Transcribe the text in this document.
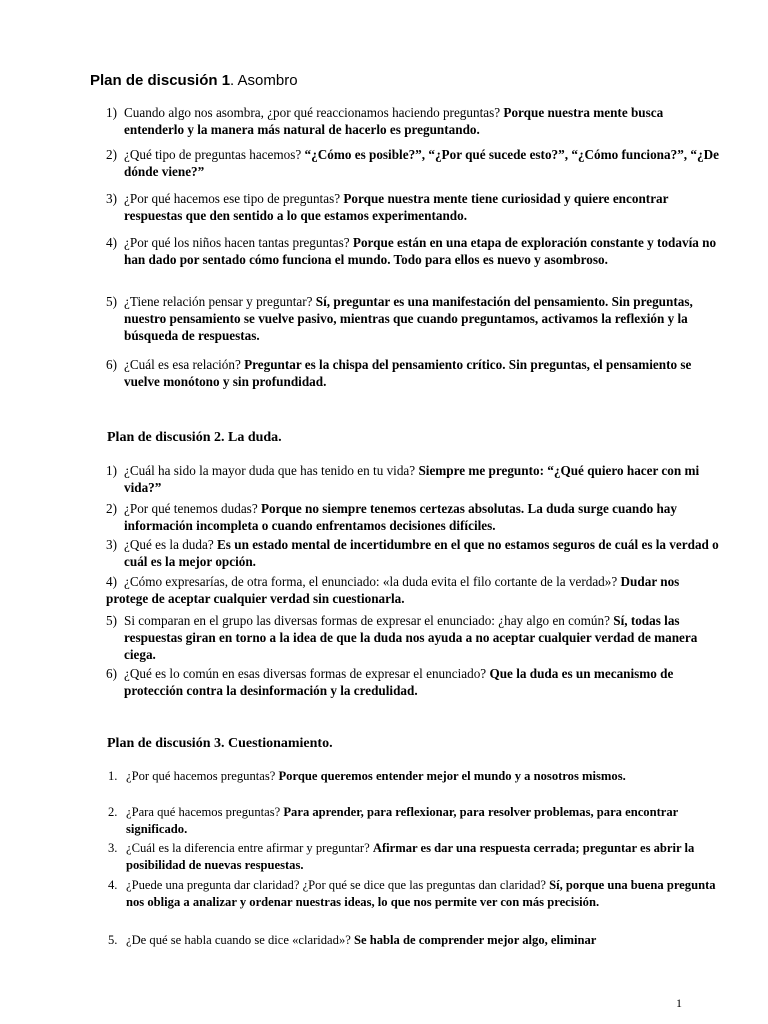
Plan de discusión 1. Asombro
1) Cuando algo nos asombra, ¿por qué reaccionamos haciendo preguntas? Porque nuestra mente busca entenderlo y la manera más natural de hacerlo es preguntando.
2) ¿Qué tipo de preguntas hacemos? “¿Cómo es posible?”, “¿Por qué sucede esto?”, “¿Cómo funciona?”, “¿De dónde viene?”
3) ¿Por qué hacemos ese tipo de preguntas? Porque nuestra mente tiene curiosidad y quiere encontrar respuestas que den sentido a lo que estamos experimentando.
4) ¿Por qué los niños hacen tantas preguntas? Porque están en una etapa de exploración constante y todavía no han dado por sentado cómo funciona el mundo. Todo para ellos es nuevo y asombroso.
5) ¿Tiene relación pensar y preguntar? Sí, preguntar es una manifestación del pensamiento. Sin preguntas, nuestro pensamiento se vuelve pasivo, mientras que cuando preguntamos, activamos la reflexión y la búsqueda de respuestas.
6) ¿Cuál es esa relación? Preguntar es la chispa del pensamiento crítico. Sin preguntas, el pensamiento se vuelve monótono y sin profundidad.
Plan de discusión 2. La duda.
1) ¿Cuál ha sido la mayor duda que has tenido en tu vida? Siempre me pregunto: “¿Qué quiero hacer con mi vida?”
2) ¿Por qué tenemos dudas? Porque no siempre tenemos certezas absolutas. La duda surge cuando hay información incompleta o cuando enfrentamos decisiones difíciles.
3) ¿Qué es la duda? Es un estado mental de incertidumbre en el que no estamos seguros de cuál es la verdad o cuál es la mejor opción.
4) ¿Cómo expresarías, de otra forma, el enunciado: «la duda evita el filo cortante de la verdad»? Dudar nos protege de aceptar cualquier verdad sin cuestionarla.
5) Si comparan en el grupo las diversas formas de expresar el enunciado: ¿hay algo en común? Sí, todas las respuestas giran en torno a la idea de que la duda nos ayuda a no aceptar cualquier verdad de manera ciega.
6) ¿Qué es lo común en esas diversas formas de expresar el enunciado? Que la duda es un mecanismo de protección contra la desinformación y la credulidad.
Plan de discusión 3. Cuestionamiento.
1. ¿Por qué hacemos preguntas? Porque queremos entender mejor el mundo y a nosotros mismos.
2. ¿Para qué hacemos preguntas? Para aprender, para reflexionar, para resolver problemas, para encontrar significado.
3. ¿Cuál es la diferencia entre afirmar y preguntar? Afirmar es dar una respuesta cerrada; preguntar es abrir la posibilidad de nuevas respuestas.
4. ¿Puede una pregunta dar claridad? ¿Por qué se dice que las preguntas dan claridad? Sí, porque una buena pregunta nos obliga a analizar y ordenar nuestras ideas, lo que nos permite ver con más precisión.
5. ¿De qué se habla cuando se dice «claridad»? Se habla de comprender mejor algo, eliminar
1
